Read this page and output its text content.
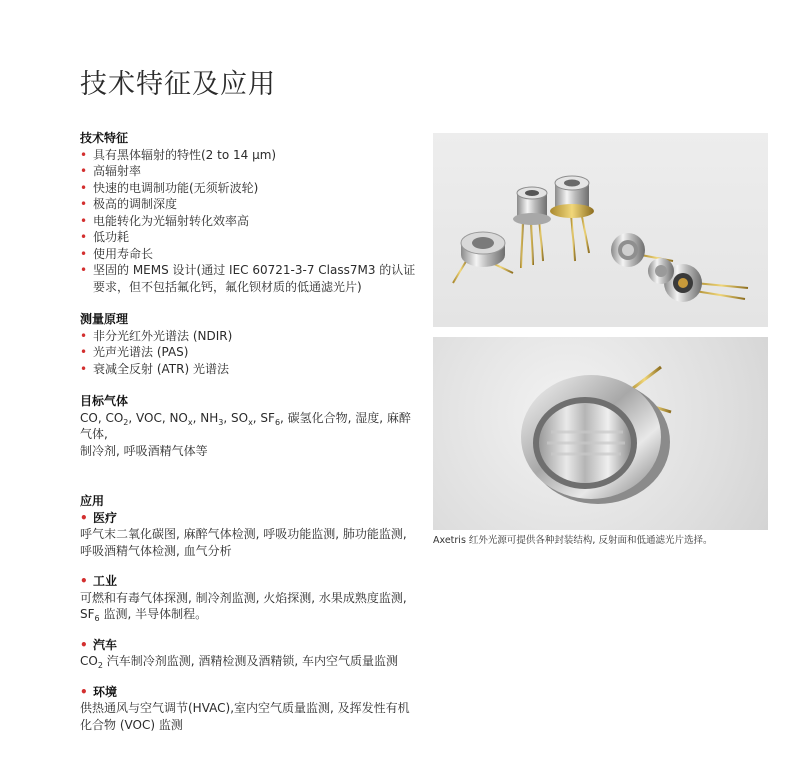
技术特征及应用
技术特征
• 具有黑体辐射的特性(2 to 14 μm)
• 高辐射率
• 快速的电调制功能(无须斩波轮)
• 极高的调制深度
• 电能转化为光辐射转化效率高
• 低功耗
• 使用寿命长
• 坚固的 MEMS 设计(通过 IEC 60721-3-7 Class7M3 的认证要求，但不包括氟化钙，氟化钡材质的低通滤光片)
测量原理
• 非分光红外光谱法 (NDIR)
• 光声光谱法 (PAS)
• 衰减全反射 (ATR) 光谱法
目标气体
CO, $CO_2$, VOC, $NO_x$, $NH_3$, $SO_x$, $SF_6$, 碳氢化合物, 湿度, 麻醉气体,
制冷剂, 呼吸酒精气体等
应用
• 医疗
呼气末二氧化碳图, 麻醉气体检测, 呼吸功能监测, 肺功能监测, 呼吸酒精气体检测, 血气分析
• 工业
可燃和有毒气体探测, 制冷剂监测, 火焰探测, 水果成熟度监测, $SF_6$ 监测, 半导体制程。
• 汽车
$CO_2$ 汽车制冷剂监测, 酒精检测及酒精锁, 车内空气质量监测
• 环境
供热通风与空气调节(HVAC),室内空气质量监测, 及挥发性有机化合物 (VOC) 监测
Axetris 红外光源可提供各种封装结构, 反射面和低通滤光片选择。
